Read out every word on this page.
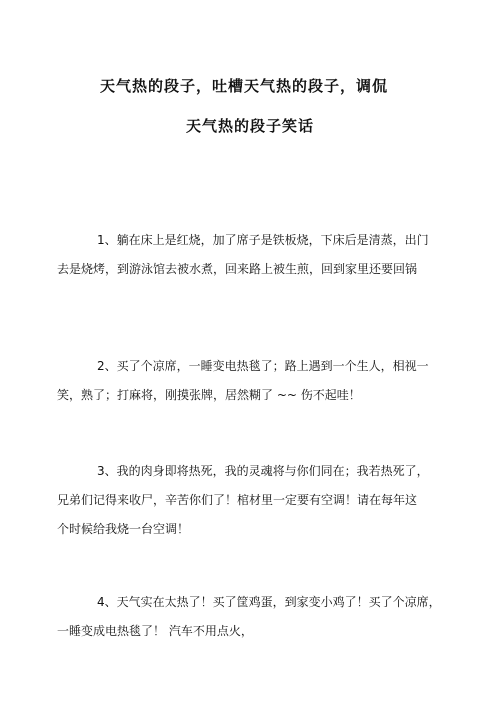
天气热的段子，吐槽天气热的段子，调侃
天气热的段子笑话
1、躺在床上是红烧，加了席子是铁板烧，下床后是清蒸，出门
去是烧烤，到游泳馆去被水煮，回来路上被生煎，回到家里还要回锅
2、买了个凉席，一睡变电热毯了；路上遇到一个生人，相视一
笑，熟了；打麻将，刚摸张牌，居然糊了 ~~ 伤不起哇！
3、我的肉身即将热死，我的灵魂将与你们同在；我若热死了，
兄弟们记得来收尸，辛苦你们了！棺材里一定要有空调！请在每年这
个时候给我烧一台空调！
4、天气实在太热了！买了筐鸡蛋，到家变小鸡了！买了个凉席，
一睡变成电热毯了！ 汽车不用点火，
